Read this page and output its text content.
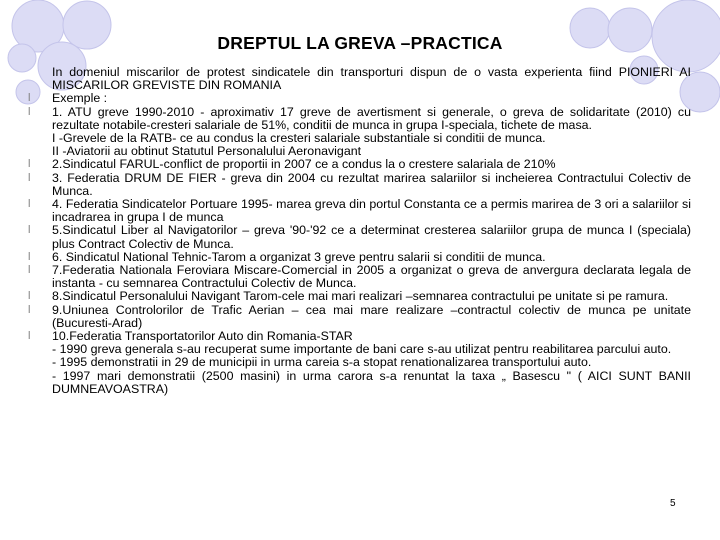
DREPTUL LA GREVA –PRACTICA

In domeniul miscarilor de protest sindicatele din transporturi dispun de o vasta experienta fiind PIONIERI AI MISCARILOR GREVISTE DIN ROMANIA

l Exemple :

l 1. ATU greve 1990-2010 - aproximativ 17 greve de avertisment si generale, o greva de solidaritate (2010) cu rezultate notabile-cresteri salariale de 51%, conditii de munca in grupa I-speciala, tichete de masa.

I -Grevele de la RATB- ce au condus la cresteri salariale substantiale si conditii de munca.

II -Aviatorii au obtinut Statutul Personalului Aeronavigant

l 2.Sindicatul FARUL-conflict de proportii in 2007 ce a condus la o crestere salariala de 210%

l 3. Federatia DRUM DE FIER - greva din 2004 cu rezultat marirea salariilor si incheierea Contractului Colectiv de Munca.

l 4. Federatia Sindicatelor Portuare 1995- marea greva din portul Constanta ce a permis marirea de 3 ori a salariilor si incadrarea in grupa I de munca

l 5.Sindicatul Liber al Navigatorilor – greva '90-'92 ce a determinat cresterea salariilor grupa de munca I (speciala) plus Contract Colectiv de Munca.

l 6. Sindicatul National Tehnic-Tarom a organizat 3 greve pentru salarii si conditii de munca.

l 7.Federatia Nationala Feroviara Miscare-Comercial in 2005 a organizat o greva de anvergura declarata legala de instanta - cu semnarea Contractului Colectiv de Munca.

l 8.Sindicatul Personalului Navigant Tarom-cele mai mari realizari –semnarea contractului pe unitate si pe ramura.

l 9.Uniunea Controlorilor de Trafic Aerian – cea mai mare realizare –contractul colectiv de munca pe unitate (Bucuresti-Arad)

l 10.Federatia Transportatorilor Auto din Romania-STAR

- 1990 greva generala s-au recuperat sume importante de bani care s-au utilizat pentru reabilitarea parcului auto.

- 1995 demonstratii in 29 de municipii in urma careia s-a stopat renationalizarea transportului auto.

- 1997 mari demonstratii (2500 masini) in urma carora s-a renuntat la taxa „ Basescu " ( AICI SUNT BANII DUMNEAVOASTRA)

5
